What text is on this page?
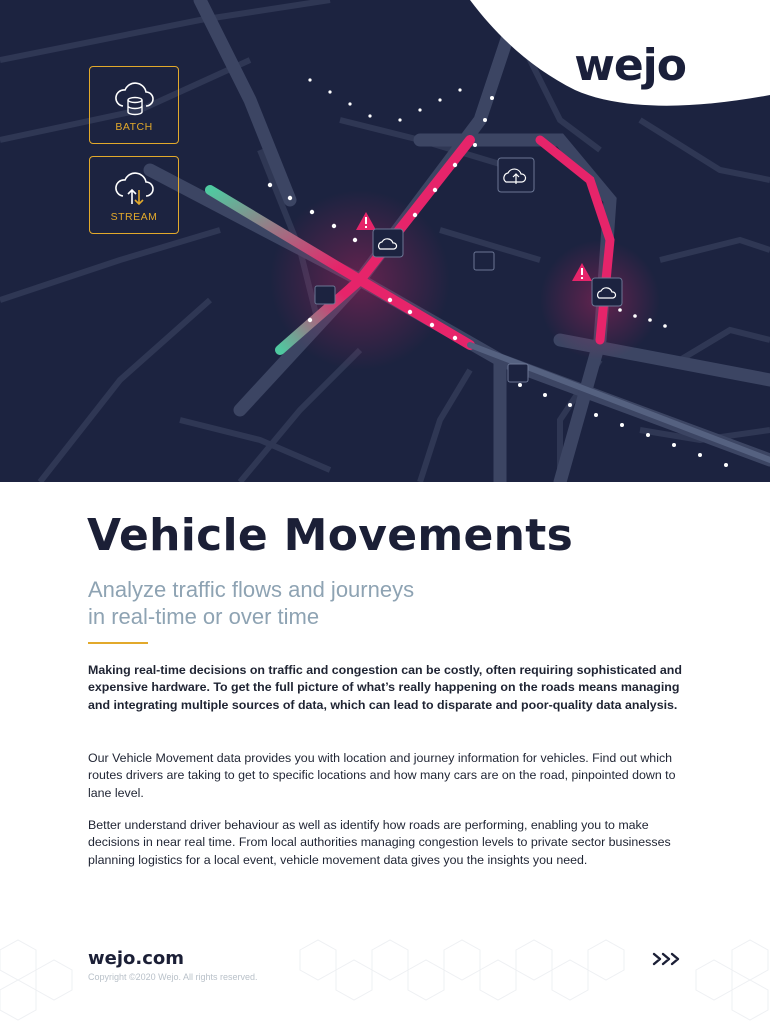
wejo
BATCH
STREAM
Vehicle Movements
Analyze traffic flows and journeys
in real-time or over time

Making real-time decisions on traffic and congestion can be costly, often requiring sophisticated and expensive hardware. To get the full picture of what’s really happening on the roads means managing and integrating multiple sources of data, which can lead to disparate and poor-quality data analysis.

Our Vehicle Movement data provides you with location and journey information for vehicles. Find out which routes drivers are taking to get to specific locations and how many cars are on the road, pinpointed down to lane level.

Better understand driver behaviour as well as identify how roads are performing, enabling you to make decisions in near real time. From local authorities managing congestion levels to private sector businesses planning logistics for a local event, vehicle movement data gives you the insights you need.

wejo.com
Copyright ©2020 Wejo. All rights reserved.
